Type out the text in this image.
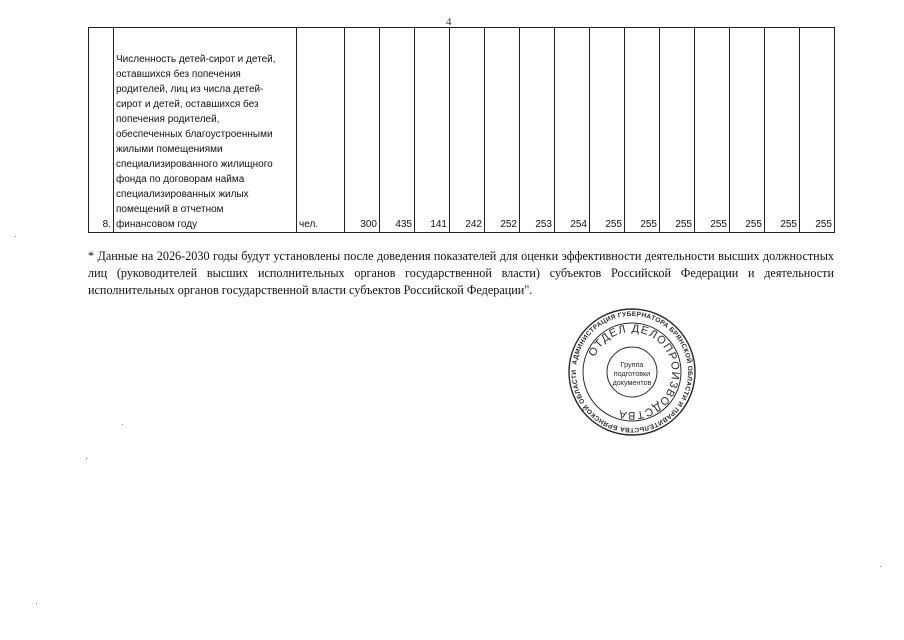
4
8.	Численность детей-сирот и детей,
оставшихся без попечения
родителей, лиц из числа детей-
сирот и детей, оставшихся без
попечения родителей,
обеспеченных благоустроенными
жилыми помещениями
специализированного жилищного
фонда по договорам найма
специализированных жилых
помещений в отчетном
финансовом году	чел.	300	435	141	242	252	253	254	255	255	255	255	255	255	255
* Данные на 2026-2030 годы будут установлены после доведения показателей для оценки эффективности деятельности высших должностных лиц (руководителей высших исполнительных органов государственной власти) субъектов Российской Федерации и деятельности исполнительных органов государственной власти субъектов Российской Федерации".
АДМИНИСТРАЦИЯ ГУБЕРНАТОРА БРЯНСКОЙ ОБЛАСТИ И ПРАВИТЕЛЬСТВА БРЯНСКОЙ ОБЛАСТИ
ОТДЕЛ ДЕЛОПРОИЗВОДСТВА
Группа
подготовки
документов
